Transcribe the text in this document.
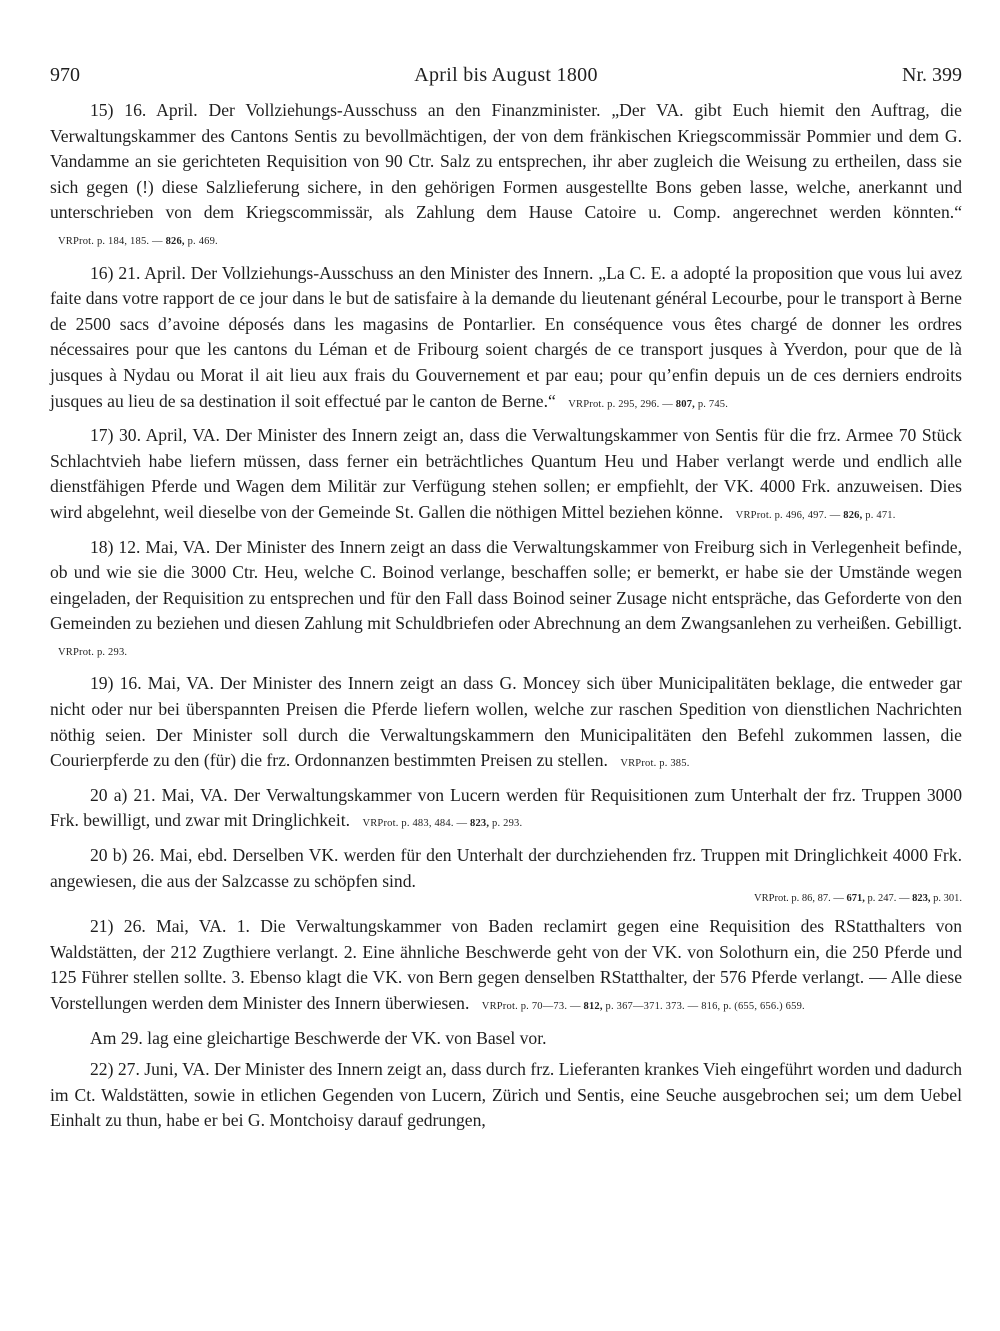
970	April bis August 1800	Nr. 399

15) 16. April. Der Vollziehungs-Ausschuss an den Finanzminister. „Der VA. gibt Euch hiemit den Auftrag, die Verwaltungskammer des Cantons Sentis zu bevollmächtigen, der von dem fränkischen Kriegscommissär Pommier und dem G. Vandamme an sie gerichteten Requisition von 90 Ctr. Salz zu entsprechen, ihr aber zugleich die Weisung zu ertheilen, dass sie sich gegen (!) diese Salzlieferung sichere, in den gehörigen Formen ausgestellte Bons geben lasse, welche, anerkannt und unterschrieben von dem Kriegscommissär, als Zahlung dem Hause Catoire u. Comp. angerechnet werden könnten.“ VRProt. p. 184, 185. — 826, p. 469.

16) 21. April. Der Vollziehungs-Ausschuss an den Minister des Innern. „La C. E. a adopté la proposition que vous lui avez faite dans votre rapport de ce jour dans le but de satisfaire à la demande du lieutenant général Lecourbe, pour le transport à Berne de 2500 sacs d’avoine déposés dans les magasins de Pontarlier. En conséquence vous êtes chargé de donner les ordres nécessaires pour que les cantons du Léman et de Fribourg soient chargés de ce transport jusques à Yverdon, pour que de là jusques à Nydau ou Morat il ait lieu aux frais du Gouvernement et par eau; pour qu’enfin depuis un de ces derniers endroits jusques au lieu de sa destination il soit effectué par le canton de Berne.“ VRProt. p. 295, 296. — 807, p. 745.

17) 30. April, VA. Der Minister des Innern zeigt an, dass die Verwaltungskammer von Sentis für die frz. Armee 70 Stück Schlachtvieh habe liefern müssen, dass ferner ein beträchtliches Quantum Heu und Haber verlangt werde und endlich alle dienstfähigen Pferde und Wagen dem Militär zur Verfügung stehen sollen; er empfiehlt, der VK. 4000 Frk. anzuweisen. Dies wird abgelehnt, weil dieselbe von der Gemeinde St. Gallen die nöthigen Mittel beziehen könne. VRProt. p. 496, 497. — 826, p. 471.

18) 12. Mai, VA. Der Minister des Innern zeigt an dass die Verwaltungskammer von Freiburg sich in Verlegenheit befinde, ob und wie sie die 3000 Ctr. Heu, welche C. Boinod verlange, beschaffen solle; er bemerkt, er habe sie der Umstände wegen eingeladen, der Requisition zu entsprechen und für den Fall dass Boinod seiner Zusage nicht entspräche, das Geforderte von den Gemeinden zu beziehen und diesen Zahlung mit Schuldbriefen oder Abrechnung an dem Zwangsanlehen zu verheißen. Gebilligt. VRProt. p. 293.

19) 16. Mai, VA. Der Minister des Innern zeigt an dass G. Moncey sich über Municipalitäten beklage, die entweder gar nicht oder nur bei überspannten Preisen die Pferde liefern wollen, welche zur raschen Spedition von dienstlichen Nachrichten nöthig seien. Der Minister soll durch die Verwaltungskammern den Municipalitäten den Befehl zukommen lassen, die Courierpferde zu den (für) die frz. Ordonnanzen bestimmten Preisen zu stellen. VRProt. p. 385.

20 a) 21. Mai, VA. Der Verwaltungskammer von Lucern werden für Requisitionen zum Unterhalt der frz. Truppen 3000 Frk. bewilligt, und zwar mit Dringlichkeit. VRProt. p. 483, 484. — 823, p. 293.

20 b) 26. Mai, ebd. Derselben VK. werden für den Unterhalt der durchziehenden frz. Truppen mit Dringlichkeit 4000 Frk. angewiesen, die aus der Salzcasse zu schöpfen sind.
VRProt. p. 86, 87. — 671, p. 247. — 823, p. 301.

21) 26. Mai, VA. 1. Die Verwaltungskammer von Baden reclamirt gegen eine Requisition des RStatthalters von Waldstätten, der 212 Zugthiere verlangt. 2. Eine ähnliche Beschwerde geht von der VK. von Solothurn ein, die 250 Pferde und 125 Führer stellen sollte. 3. Ebenso klagt die VK. von Bern gegen denselben RStatthalter, der 576 Pferde verlangt. — Alle diese Vorstellungen werden dem Minister des Innern überwiesen. VRProt. p. 70—73. — 812, p. 367—371. 373. — 816, p. (655, 656.) 659.

Am 29. lag eine gleichartige Beschwerde der VK. von Basel vor.

22) 27. Juni, VA. Der Minister des Innern zeigt an, dass durch frz. Lieferanten krankes Vieh eingeführt worden und dadurch im Ct. Waldstätten, sowie in etlichen Gegenden von Lucern, Zürich und Sentis, eine Seuche ausgebrochen sei; um dem Uebel Einhalt zu thun, habe er bei G. Montchoisy darauf gedrungen,
